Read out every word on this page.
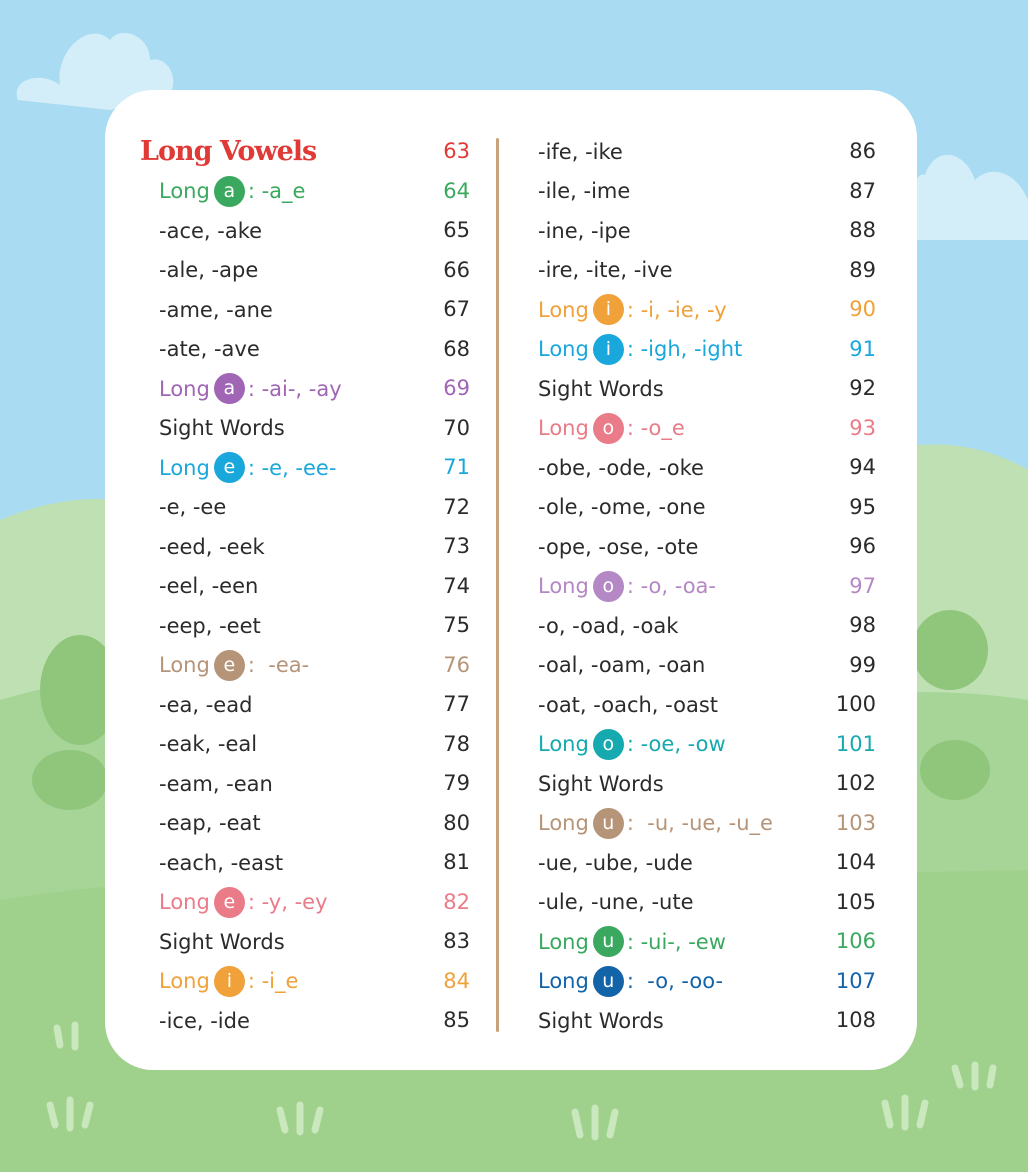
Long Vowels	63
Long a : -a_e	64
-ace, -ake	65
-ale, -ape	66
-ame, -ane	67
-ate, -ave	68
Long a : -ai-, -ay	69
Sight Words	70
Long e : -e, -ee-	71
-e, -ee	72
-eed, -eek	73
-eel, -een	74
-eep, -eet	75
Long e :  -ea-	76
-ea, -ead	77
-eak, -eal	78
-eam, -ean	79
-eap, -eat	80
-each, -east	81
Long e : -y, -ey	82
Sight Words	83
Long i : -i_e	84
-ice, -ide	85
-ife, -ike	86
-ile, -ime	87
-ine, -ipe	88
-ire, -ite, -ive	89
Long i : -i, -ie, -y	90
Long i : -igh, -ight	91
Sight Words	92
Long o : -o_e	93
-obe, -ode, -oke	94
-ole, -ome, -one	95
-ope, -ose, -ote	96
Long o : -o, -oa-	97
-o, -oad, -oak	98
-oal, -oam, -oan	99
-oat, -oach, -oast	100
Long o : -oe, -ow	101
Sight Words	102
Long u :  -u, -ue, -u_e	103
-ue, -ube, -ude	104
-ule, -une, -ute	105
Long u : -ui-, -ew	106
Long u :  -o, -oo-	107
Sight Words	108
